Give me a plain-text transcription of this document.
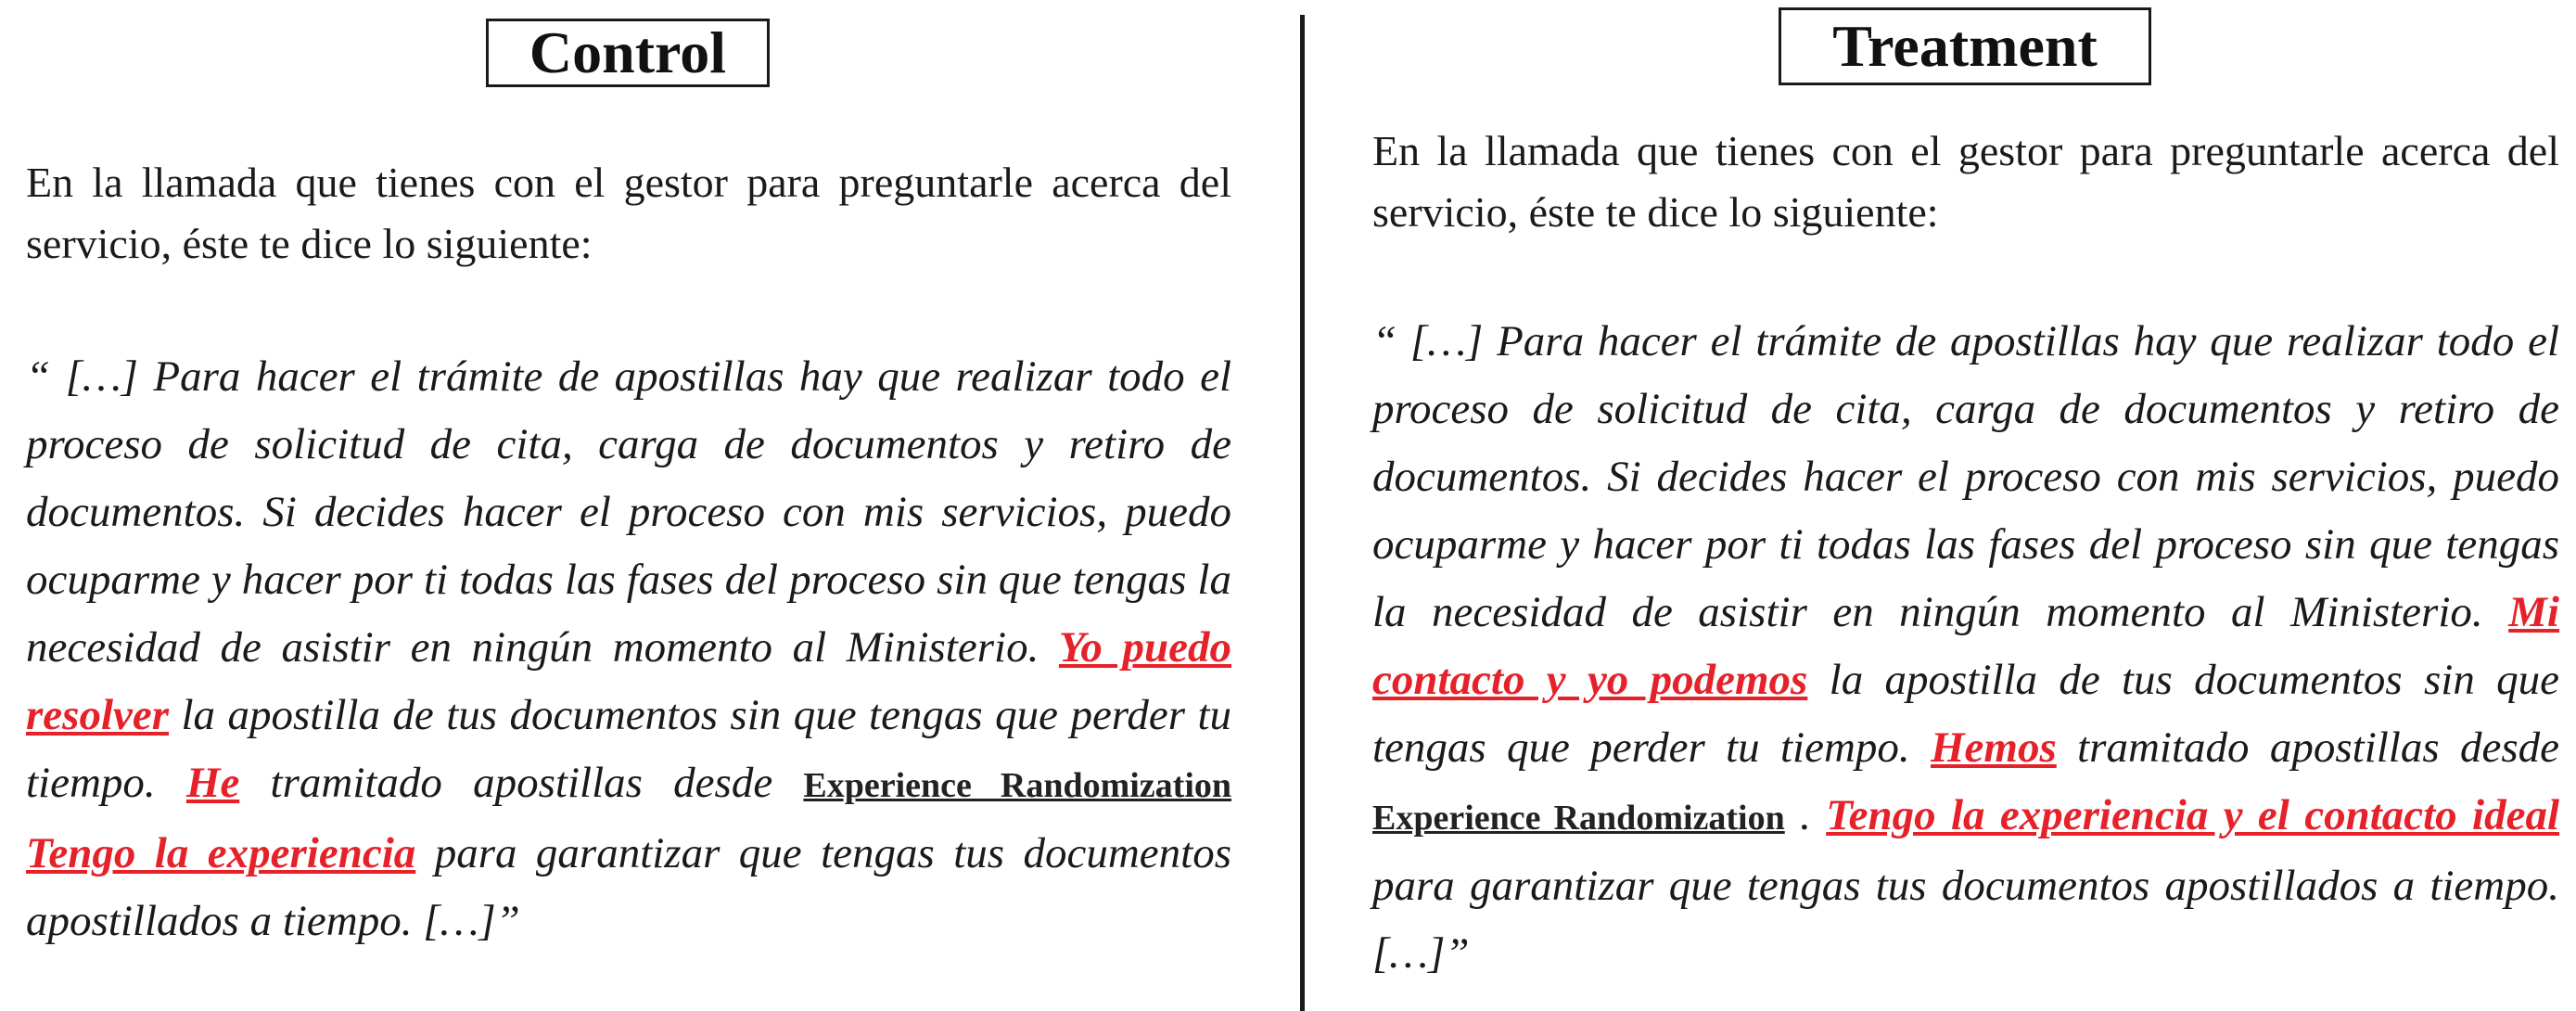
Control
En la llamada que tienes con el gestor para preguntarle acerca del servicio, éste te dice lo siguiente:
“ […] Para hacer el trámite de apostillas hay que realizar todo el proceso de solicitud de cita, carga de documentos y retiro de documentos. Si decides hacer el proceso con mis servicios, puedo ocuparme y hacer por ti todas las fases del proceso sin que tengas la necesidad de asistir en ningún momento al Ministerio. Yo puedo resolver la apostilla de tus documentos sin que tengas que perder tu tiempo. He tramitado apostillas desde Experience Randomization Tengo la experiencia para garantizar que tengas tus documentos apostillados a tiempo. […]”
Treatment
En la llamada que tienes con el gestor para preguntarle acerca del servicio, éste te dice lo siguiente:
“ […] Para hacer el trámite de apostillas hay que realizar todo el proceso de solicitud de cita, carga de documentos y retiro de documentos. Si decides hacer el proceso con mis servicios, puedo ocuparme y hacer por ti todas las fases del proceso sin que tengas la necesidad de asistir en ningún momento al Ministerio. Mi contacto y yo podemos la apostilla de tus documentos sin que tengas que perder tu tiempo. Hemos tramitado apostillas desde Experience Randomization . Tengo la experiencia y el contacto ideal para garantizar que tengas tus documentos apostillados a tiempo. […]”
